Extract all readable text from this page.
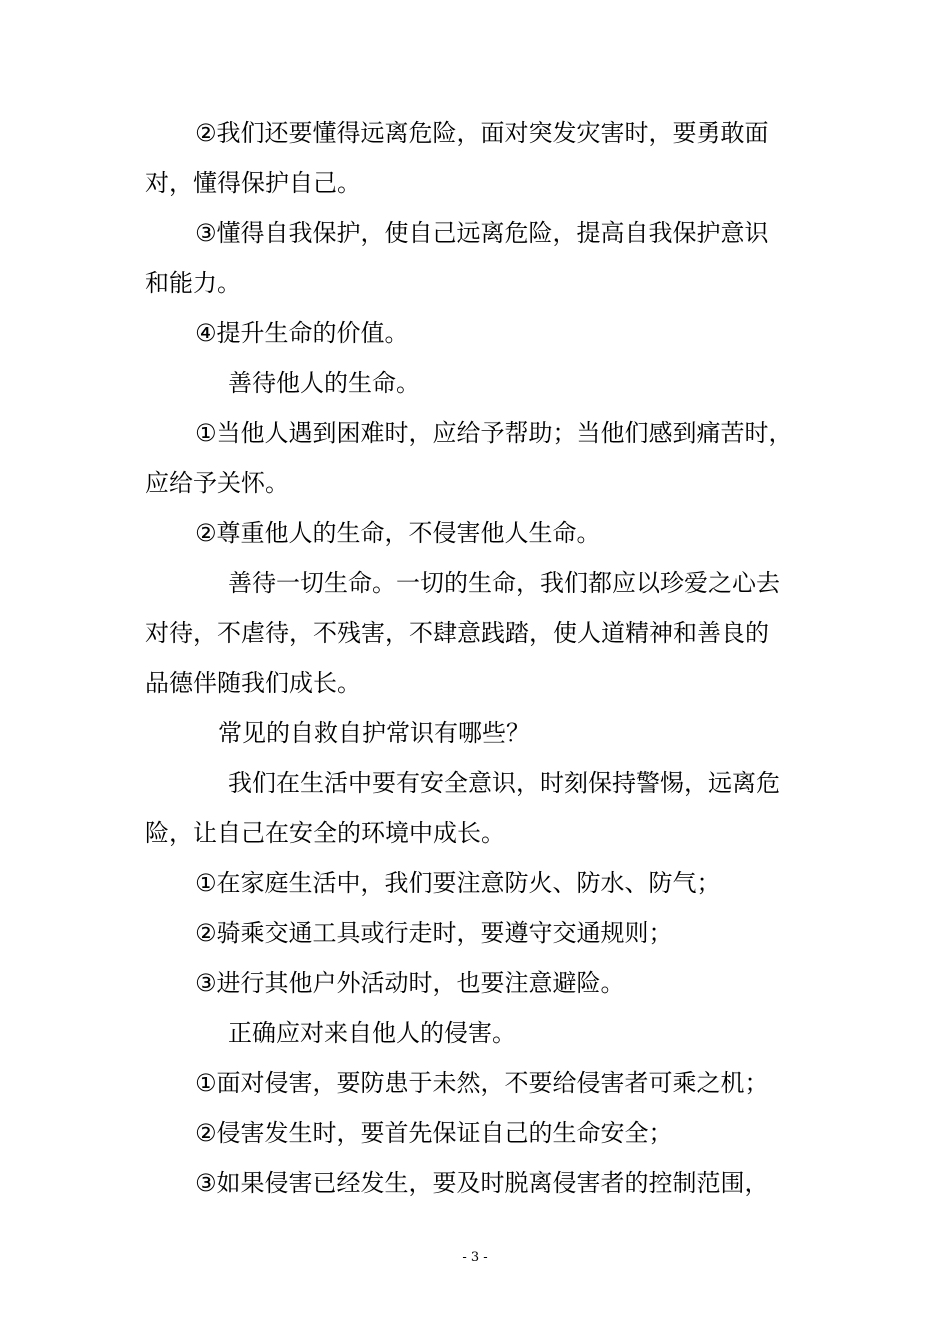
②我们还要懂得远离危险，面对突发灾害时，要勇敢面
对，懂得保护自己。
③懂得自我保护，使自己远离危险，提高自我保护意识
和能力。
④提升生命的价值。
善待他人的生命。
①当他人遇到困难时，应给予帮助；当他们感到痛苦时，
应给予关怀。
②尊重他人的生命，不侵害他人生命。
善待一切生命。一切的生命，我们都应以珍爱之心去
对待，不虐待，不残害，不肆意践踏，使人道精神和善良的
品德伴随我们成长。
常见的自救自护常识有哪些？
我们在生活中要有安全意识，时刻保持警惕，远离危
险，让自己在安全的环境中成长。
①在家庭生活中，我们要注意防火、防水、防气；
②骑乘交通工具或行走时，要遵守交通规则；
③进行其他户外活动时，也要注意避险。
正确应对来自他人的侵害。
①面对侵害，要防患于未然，不要给侵害者可乘之机；
②侵害发生时，要首先保证自己的生命安全；
③如果侵害已经发生，要及时脱离侵害者的控制范围，
- 3 -
